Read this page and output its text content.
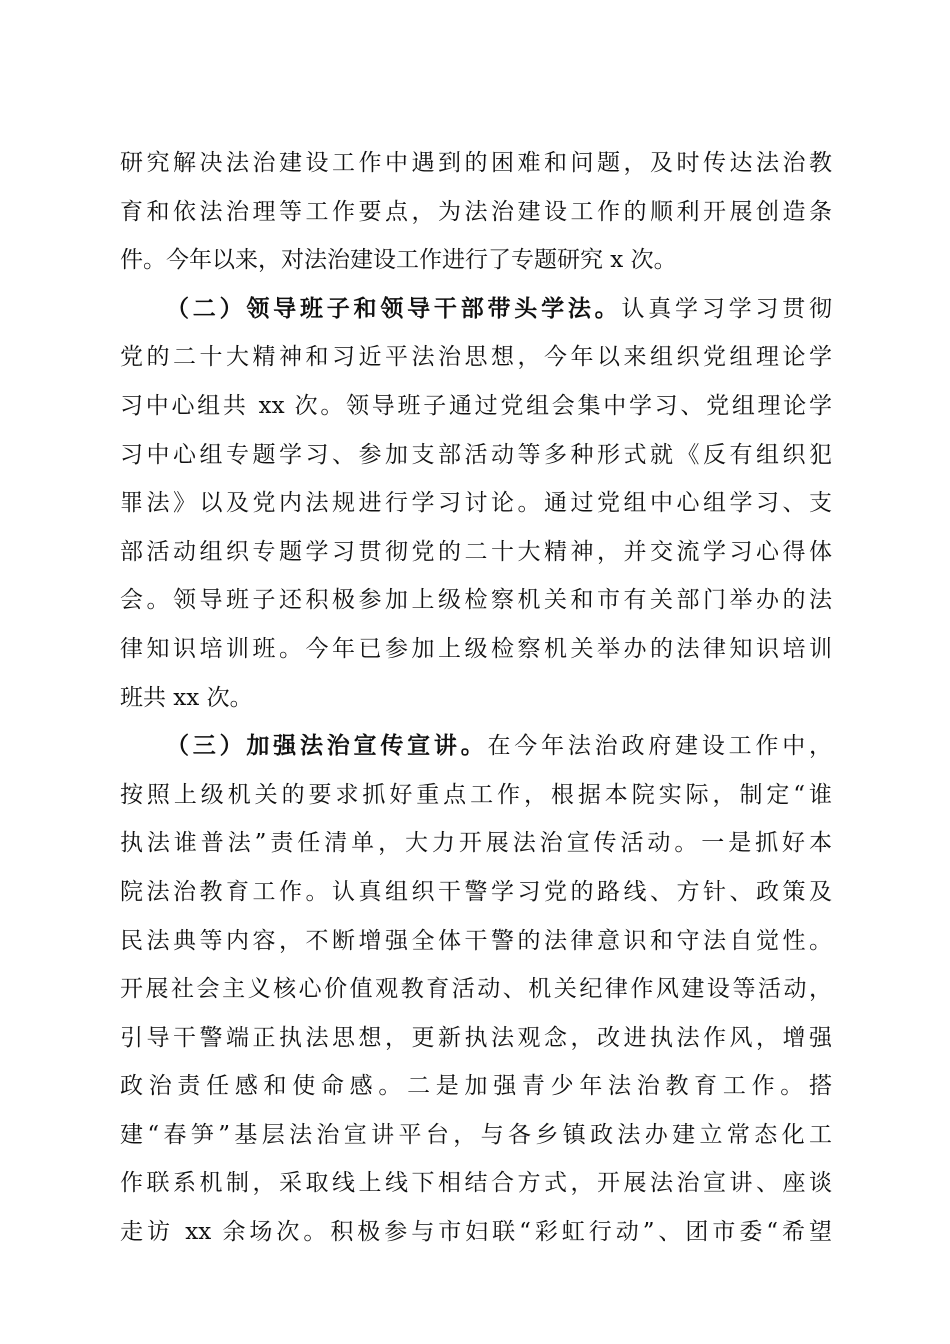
研究解决法治建设工作中遇到的困难和问题，及时传达法治教
育和依法治理等工作要点，为法治建设工作的顺利开展创造条
件。今年以来，对法治建设工作进行了专题研究 x 次。
（二）领导班子和领导干部带头学法。认真学习学习贯彻
党的二十大精神和习近平法治思想，今年以来组织党组理论学
习中心组共 xx 次。领导班子通过党组会集中学习、党组理论学
习中心组专题学习、参加支部活动等多种形式就《反有组织犯
罪法》以及党内法规进行学习讨论。通过党组中心组学习、支
部活动组织专题学习贯彻党的二十大精神，并交流学习心得体
会。领导班子还积极参加上级检察机关和市有关部门举办的法
律知识培训班。今年已参加上级检察机关举办的法律知识培训
班共 xx 次。
（三）加强法治宣传宣讲。在今年法治政府建设工作中，
按照上级机关的要求抓好重点工作，根据本院实际，制定“谁
执法谁普法”责任清单，大力开展法治宣传活动。一是抓好本
院法治教育工作。认真组织干警学习党的路线、方针、政策及
民法典等内容，不断增强全体干警的法律意识和守法自觉性。
开展社会主义核心价值观教育活动、机关纪律作风建设等活动，
引导干警端正执法思想，更新执法观念，改进执法作风，增强
政治责任感和使命感。二是加强青少年法治教育工作。搭
建“春笋”基层法治宣讲平台，与各乡镇政法办建立常态化工
作联系机制，采取线上线下相结合方式，开展法治宣讲、座谈
走访 xx 余场次。积极参与市妇联“彩虹行动”、团市委“希望
